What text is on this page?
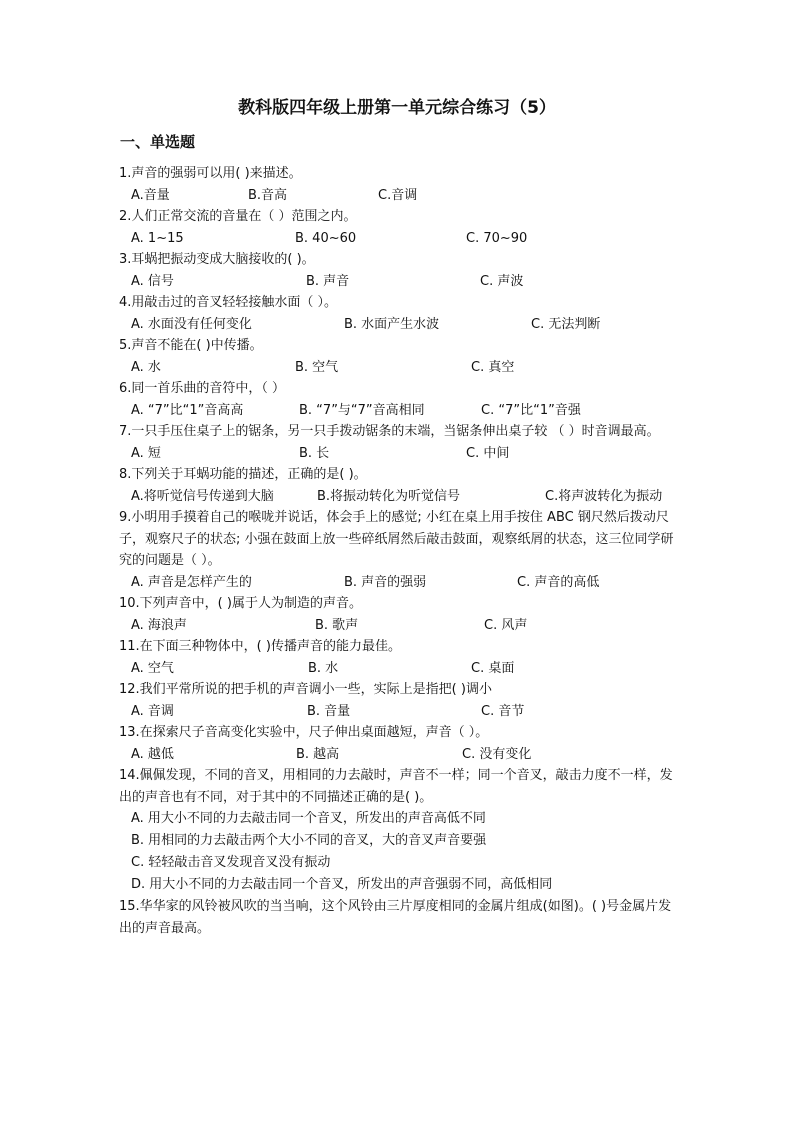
教科版四年级上册第一单元综合练习（5）
一、单选题

1.声音的强弱可以用( )来描述。

A.音量	B.音高	C.音调

2.人们正常交流的音量在（ ）范围之内。

A. 1~15	B. 40~60	C. 70~90

3.耳蜗把振动变成大脑接收的( )。

A. 信号	B. 声音	C. 声波

4.用敲击过的音叉轻轻接触水面（ ）。

A. 水面没有任何变化	B. 水面产生水波	C. 无法判断

5.声音不能在( )中传播。

A. 水	B. 空气	C. 真空

6.同一首乐曲的音符中，（ ）

A. “7”比“1”音高高	B. “7”与“7”音高相同	C. “7”比“1”音强

7.一只手压住桌子上的锯条，另一只手拨动锯条的末端，当锯条伸出桌子较 （ ）时音调最高。

A. 短	B. 长	C. 中间

8.下列关于耳蜗功能的描述，正确的是( )。

A.将听觉信号传递到大脑	B.将振动转化为听觉信号	C.将声波转化为振动

9.小明用手摸着自己的喉咙并说话，体会手上的感觉; 小红在桌上用手按住 ABC 钢尺然后拨动尺子，观察尺子的状态; 小强在鼓面上放一些碎纸屑然后敲击鼓面，观察纸屑的状态，这三位同学研究的问题是（ ）。

A. 声音是怎样产生的	B. 声音的强弱	C. 声音的高低

10.下列声音中，( )属于人为制造的声音。

A. 海浪声	B. 歌声	C. 风声

11.在下面三种物体中，( )传播声音的能力最佳。

A. 空气	B. 水	C. 桌面

12.我们平常所说的把手机的声音调小一些，实际上是指把( )调小

A. 音调	B. 音量	C. 音节

13.在探索尺子音高变化实验中，尺子伸出桌面越短，声音（ ）。

A. 越低	B. 越高	C. 没有变化

14.佩佩发现，不同的音叉，用相同的力去敲时，声音不一样；同一个音叉，敲击力度不一样，发出的声音也有不同，对于其中的不同描述正确的是( )。

A. 用大小不同的力去敲击同一个音叉，所发出的声音高低不同
B. 用相同的力去敲击两个大小不同的音叉，大的音叉声音要强
C. 轻轻敲击音叉发现音叉没有振动
D. 用大小不同的力去敲击同一个音叉，所发出的声音强弱不同，高低相同

15.华华家的风铃被风吹的当当响，这个风铃由三片厚度相同的金属片组成(如图)。( )号金属片发出的声音最高。
